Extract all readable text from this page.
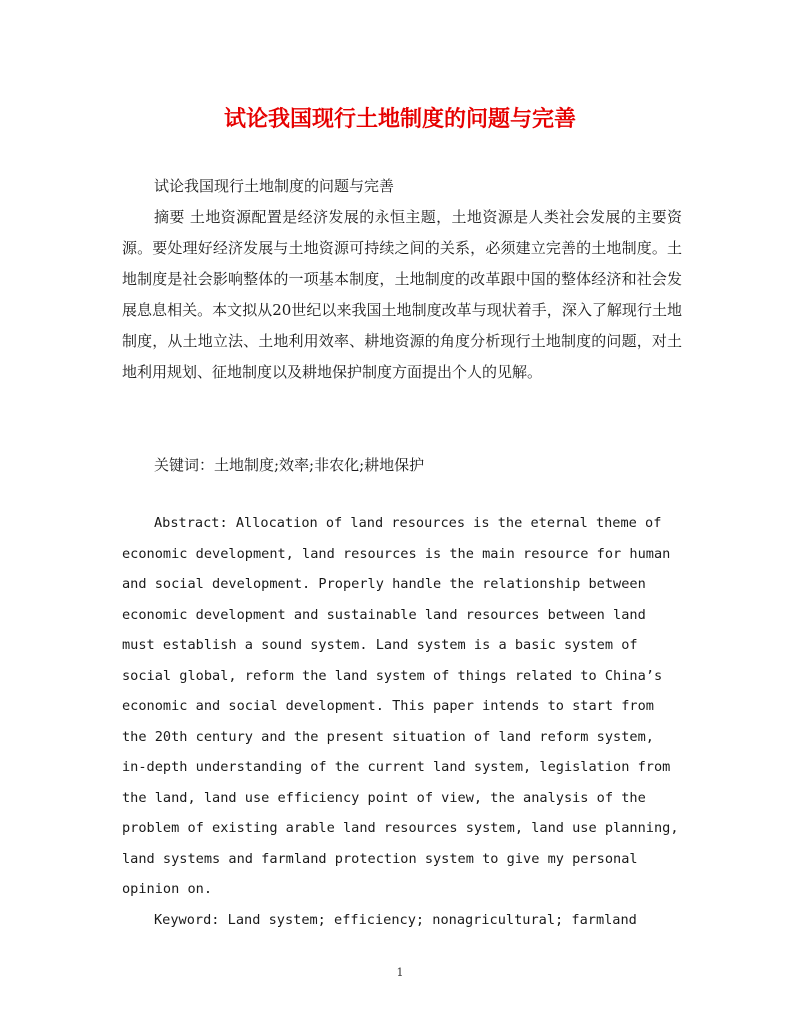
试论我国现行土地制度的问题与完善

试论我国现行土地制度的问题与完善

摘要 土地资源配置是经济发展的永恒主题，土地资源是人类社会发展的主要资源。要处理好经济发展与土地资源可持续之间的关系，必须建立完善的土地制度。土地制度是社会影响整体的一项基本制度，土地制度的改革跟中国的整体经济和社会发展息息相关。本文拟从20世纪以来我国土地制度改革与现状着手，深入了解现行土地制度，从土地立法、土地利用效率、耕地资源的角度分析现行土地制度的问题，对土地利用规划、征地制度以及耕地保护制度方面提出个人的见解。

关键词：土地制度;效率;非农化;耕地保护

Abstract: Allocation of land resources is the eternal theme of economic development, land resources is the main resource for human and social development. Properly handle the relationship between economic development and sustainable land resources between land must establish a sound system. Land system is a basic system of social global, reform the land system of things related to China’s economic and social development. This paper intends to start from the 20th century and the present situation of land reform system, in-depth understanding of the current land system, legislation from the land, land use efficiency point of view, the analysis of the problem of existing arable land resources system, land use planning, land systems and farmland protection system to give my personal opinion on.

Keyword: Land system; efficiency; nonagricultural; farmland

1
